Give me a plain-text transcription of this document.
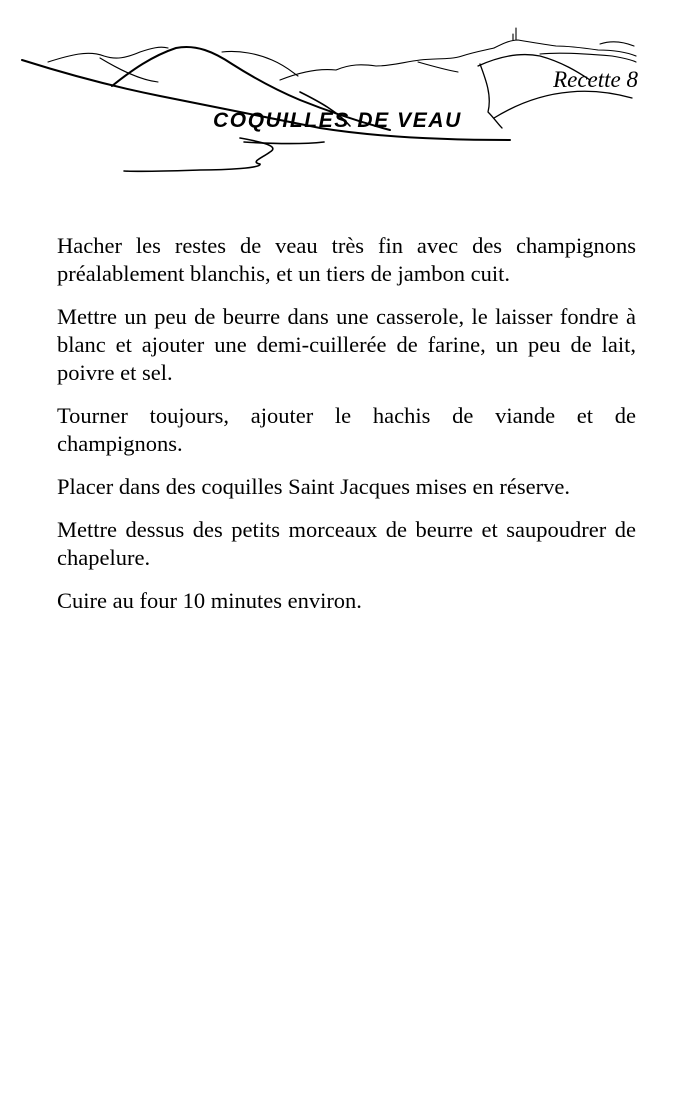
Recette 8
COQUILLES DE VEAU

Hacher les restes de veau très fin avec des champignons préalablement blanchis, et un tiers de jambon cuit.

Mettre un peu de beurre dans une casserole, le laisser fondre à blanc et ajouter une demi-cuillerée de farine, un peu de lait, poivre et sel.

Tourner toujours, ajouter le hachis de viande et de champignons.

Placer dans des coquilles Saint Jacques mises en réserve.

Mettre dessus des petits morceaux de beurre et saupoudrer de chapelure.

Cuire au four 10 minutes environ.
